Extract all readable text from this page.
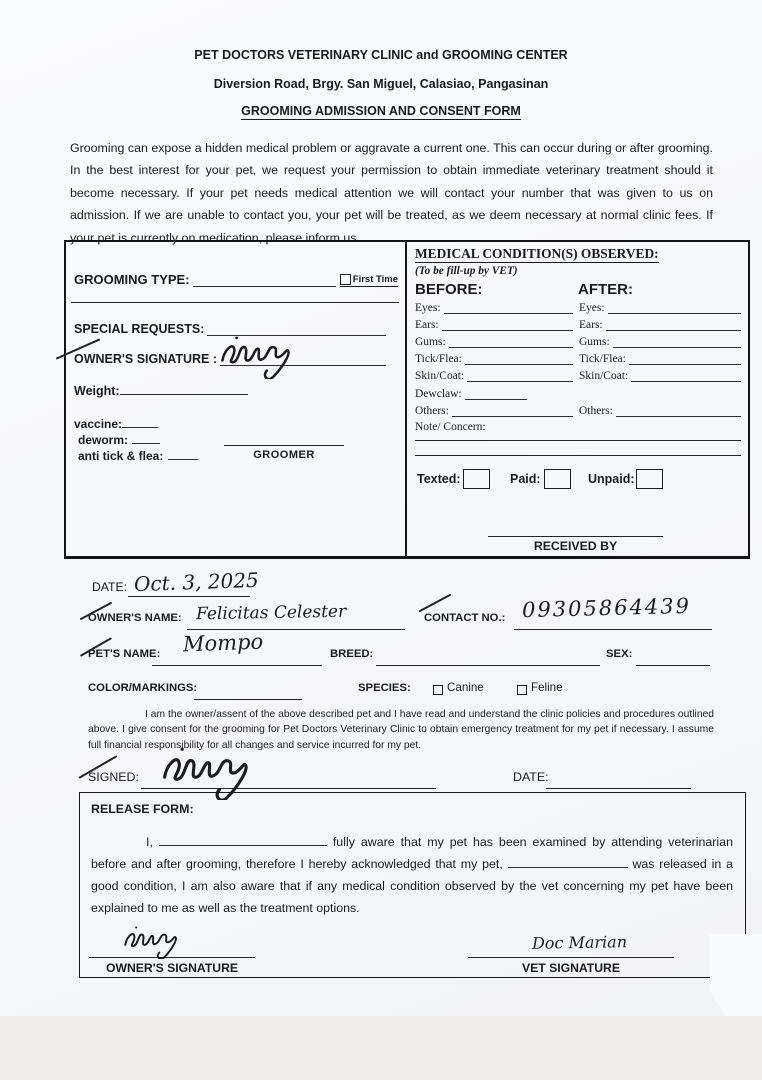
PET DOCTORS VETERINARY CLINIC and GROOMING CENTER
Diversion Road, Brgy. San Miguel, Calasiao, Pangasinan
GROOMING ADMISSION AND CONSENT FORM
Grooming can expose a hidden medical problem or aggravate a current one. This can occur during or after grooming. In the best interest for your pet, we request your permission to obtain immediate veterinary treatment should it become necessary. If your pet needs medical attention we will contact your number that was given to us on admission. If we are unable to contact you, your pet will be treated, as we deem necessary at normal clinic fees. If your pet is currently on medication, please inform us.
GROOMING TYPE:	First Time
SPECIAL REQUESTS:
OWNER'S SIGNATURE :
Weight:
vaccine:
deworm:
anti tick & flea:	GROOMER
MEDICAL CONDITION(S) OBSERVED:
(To be fill-up by VET)
BEFORE:	AFTER:
Eyes:	Eyes:
Ears:	Ears:
Gums:	Gums:
Tick/Flea:	Tick/Flea:
Skin/Coat:	Skin/Coat:
Dewclaw:
Others:	Others:
Note/ Concern:
Texted:	Paid:	Unpaid:
RECEIVED BY
DATE: Oct. 3, 2025
OWNER'S NAME: Felicitas Celester	CONTACT NO.: 09305864439
PET'S NAME: Mompo	BREED:	SEX:
COLOR/MARKINGS:	SPECIES:	Canine	Feline
I am the owner/assent of the above described pet and I have read and understand the clinic policies and procedures outlined above. I give consent for the grooming for Pet Doctors Veterinary Clinic to obtain emergency treatment for my pet if necessary. I assume full financial responsibility for all changes and service incurred for my pet.
SIGNED:	DATE:
RELEASE FORM:
I,	fully aware that my pet has been examined by attending veterinarian before and after grooming, therefore I hereby acknowledged that my pet,	was released in a good condition, I am also aware that if any medical condition observed by the vet concerning my pet have been explained to me as well as the treatment options.
OWNER'S SIGNATURE	VET SIGNATURE
Doc Marian
